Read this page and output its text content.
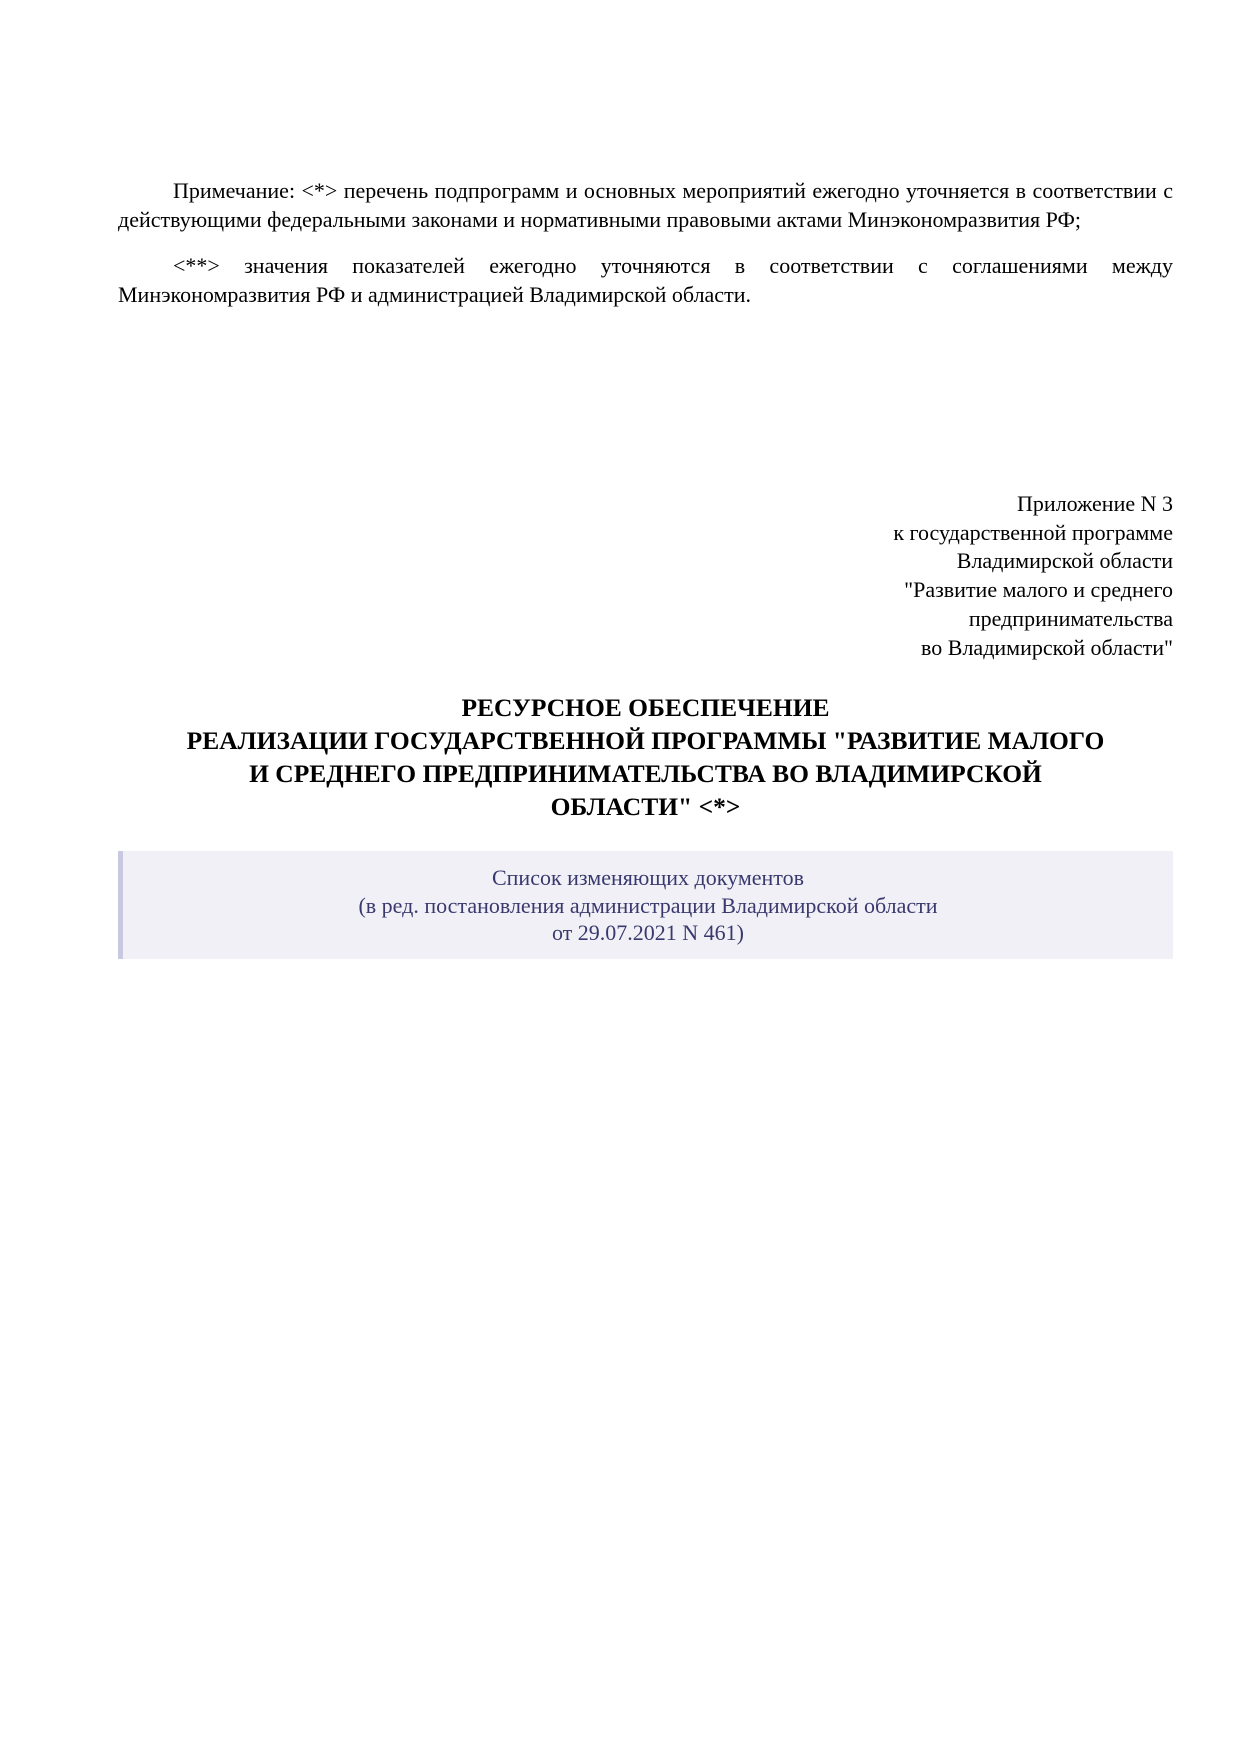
Примечание: <*> перечень подпрограмм и основных мероприятий ежегодно уточняется в соответствии с действующими федеральными законами и нормативными правовыми актами Минэкономразвития РФ;

<**> значения показателей ежегодно уточняются в соответствии с соглашениями между Минэкономразвития РФ и администрацией Владимирской области.

Приложение N 3
к государственной программе
Владимирской области
"Развитие малого и среднего
предпринимательства
во Владимирской области"
РЕСУРСНОЕ ОБЕСПЕЧЕНИЕ
РЕАЛИЗАЦИИ ГОСУДАРСТВЕННОЙ ПРОГРАММЫ "РАЗВИТИЕ МАЛОГО
И СРЕДНЕГО ПРЕДПРИНИМАТЕЛЬСТВА ВО ВЛАДИМИРСКОЙ
ОБЛАСТИ" <*>
Список изменяющих документов
(в ред. постановления администрации Владимирской области
от 29.07.2021 N 461)
